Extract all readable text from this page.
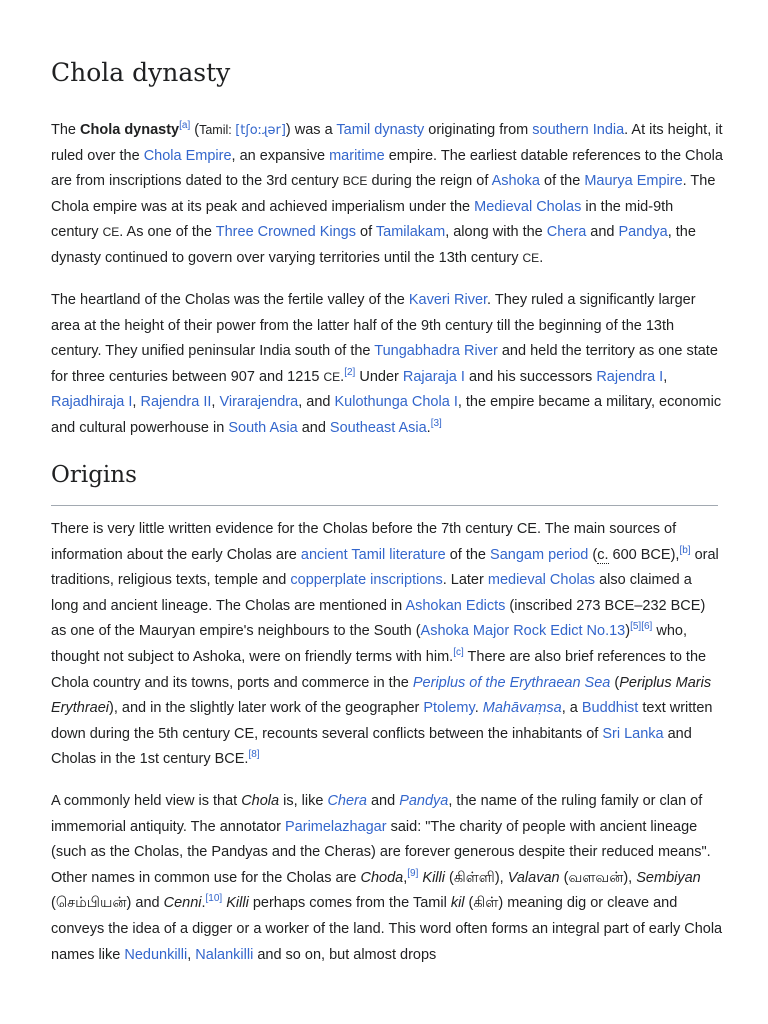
Chola dynasty

The Chola dynasty[a] (Tamil: [tʃoːɻər]) was a Tamil dynasty originating from southern India. At its height, it ruled over the Chola Empire, an expansive maritime empire. The earliest datable references to the Chola are from inscriptions dated to the 3rd century BCE during the reign of Ashoka of the Maurya Empire. The Chola empire was at its peak and achieved imperialism under the Medieval Cholas in the mid-9th century CE. As one of the Three Crowned Kings of Tamilakam, along with the Chera and Pandya, the dynasty continued to govern over varying territories until the 13th century CE.

The heartland of the Cholas was the fertile valley of the Kaveri River. They ruled a significantly larger area at the height of their power from the latter half of the 9th century till the beginning of the 13th century. They unified peninsular India south of the Tungabhadra River and held the territory as one state for three centuries between 907 and 1215 CE.[2] Under Rajaraja I and his successors Rajendra I, Rajadhiraja I, Rajendra II, Virarajendra, and Kulothunga Chola I, the empire became a military, economic and cultural powerhouse in South Asia and Southeast Asia.[3]

Origins

There is very little written evidence for the Cholas before the 7th century CE. The main sources of information about the early Cholas are ancient Tamil literature of the Sangam period (c. 600 BCE),[b] oral traditions, religious texts, temple and copperplate inscriptions. Later medieval Cholas also claimed a long and ancient lineage. The Cholas are mentioned in Ashokan Edicts (inscribed 273 BCE–232 BCE) as one of the Mauryan empire's neighbours to the South (Ashoka Major Rock Edict No.13)[5][6] who, thought not subject to Ashoka, were on friendly terms with him.[c] There are also brief references to the Chola country and its towns, ports and commerce in the Periplus of the Erythraean Sea (Periplus Maris Erythraei), and in the slightly later work of the geographer Ptolemy. Mahāvaṃsa, a Buddhist text written down during the 5th century CE, recounts several conflicts between the inhabitants of Sri Lanka and Cholas in the 1st century BCE.[8]

A commonly held view is that Chola is, like Chera and Pandya, the name of the ruling family or clan of immemorial antiquity. The annotator Parimelazhagar said: "The charity of people with ancient lineage (such as the Cholas, the Pandyas and the Cheras) are forever generous despite their reduced means". Other names in common use for the Cholas are Choda,[9] Killi (கிள்ளி), Valavan (வளவன்), Sembiyan (செம்பியன்) and Cenni.[10] Killi perhaps comes from the Tamil kil (கிள்) meaning dig or cleave and conveys the idea of a digger or a worker of the land. This word often forms an integral part of early Chola names like Nedunkilli, Nalankilli and so on, but almost drops
